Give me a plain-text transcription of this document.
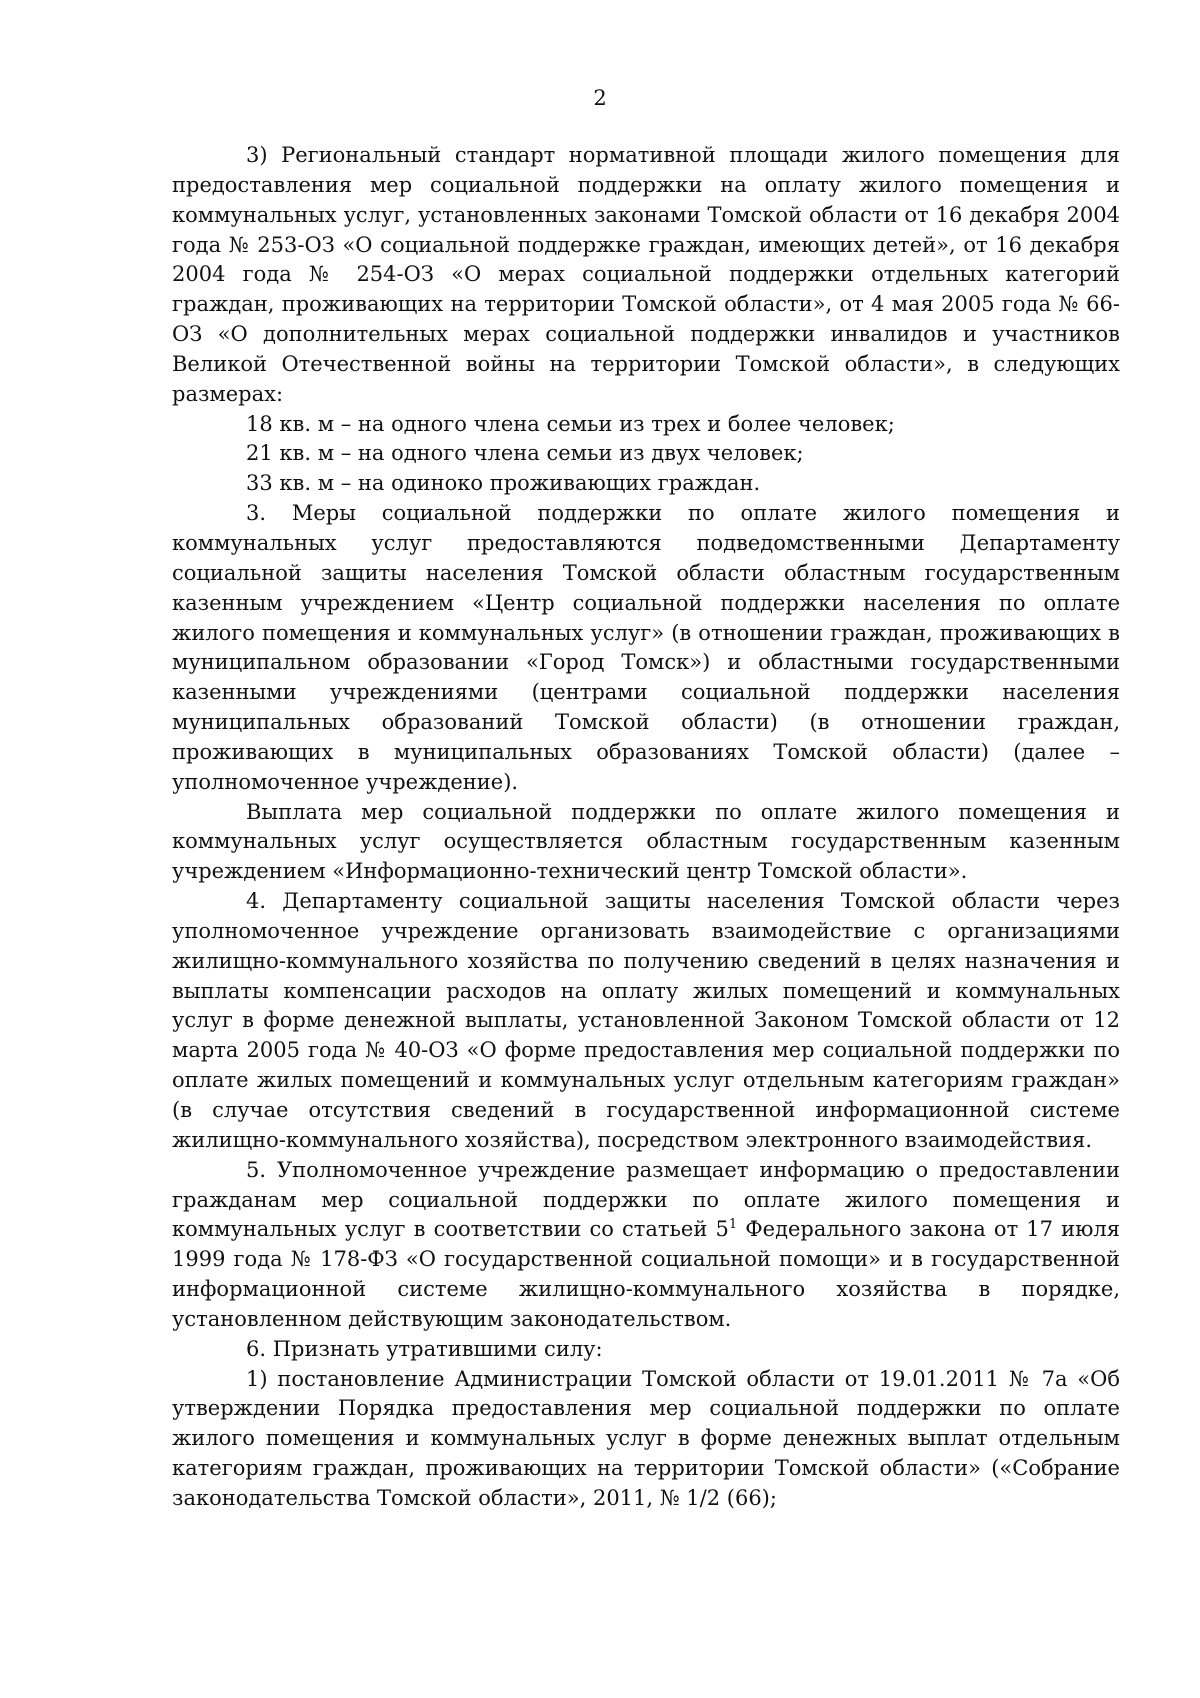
2

3) Региональный стандарт нормативной площади жилого помещения для предоставления мер социальной поддержки на оплату жилого помещения и коммунальных услуг, установленных законами Томской области от 16 декабря 2004 года № 253-ОЗ «О социальной поддержке граждан, имеющих детей», от 16 декабря 2004 года № 254-ОЗ «О мерах социальной поддержки отдельных категорий граждан, проживающих на территории Томской области», от 4 мая 2005 года № 66-ОЗ «О дополнительных мерах социальной поддержки инвалидов и участников Великой Отечественной войны на территории Томской области», в следующих размерах:

18 кв. м – на одного члена семьи из трех и более человек;

21 кв. м – на одного члена семьи из двух человек;

33 кв. м – на одиноко проживающих граждан.

3. Меры социальной поддержки по оплате жилого помещения и коммунальных услуг предоставляются подведомственными Департаменту социальной защиты населения Томской области областным государственным казенным учреждением «Центр социальной поддержки населения по оплате жилого помещения и коммунальных услуг» (в отношении граждан, проживающих в муниципальном образовании «Город Томск») и областными государственными казенными учреждениями (центрами социальной поддержки населения муниципальных образований Томской области) (в отношении граждан, проживающих в муниципальных образованиях Томской области) (далее – уполномоченное учреждение).

Выплата мер социальной поддержки по оплате жилого помещения и коммунальных услуг осуществляется областным государственным казенным учреждением «Информационно-технический центр Томской области».

4. Департаменту социальной защиты населения Томской области через уполномоченное учреждение организовать взаимодействие с организациями жилищно-коммунального хозяйства по получению сведений в целях назначения и выплаты компенсации расходов на оплату жилых помещений и коммунальных услуг в форме денежной выплаты, установленной Законом Томской области от 12 марта 2005 года № 40-ОЗ «О форме предоставления мер социальной поддержки по оплате жилых помещений и коммунальных услуг отдельным категориям граждан» (в случае отсутствия сведений в государственной информационной системе жилищно-коммунального хозяйства), посредством электронного взаимодействия.

5. Уполномоченное учреждение размещает информацию о предоставлении гражданам мер социальной поддержки по оплате жилого помещения и коммунальных услуг в соответствии со статьей $5^1$ Федерального закона от 17 июля 1999 года № 178-ФЗ «О государственной социальной помощи» и в государственной информационной системе жилищно-коммунального хозяйства в порядке, установленном действующим законодательством.

6. Признать утратившими силу:

1) постановление Администрации Томской области от 19.01.2011 № 7а «Об утверждении Порядка предоставления мер социальной поддержки по оплате жилого помещения и коммунальных услуг в форме денежных выплат отдельным категориям граждан, проживающих на территории Томской области» («Собрание законодательства Томской области», 2011, № 1/2 (66);
